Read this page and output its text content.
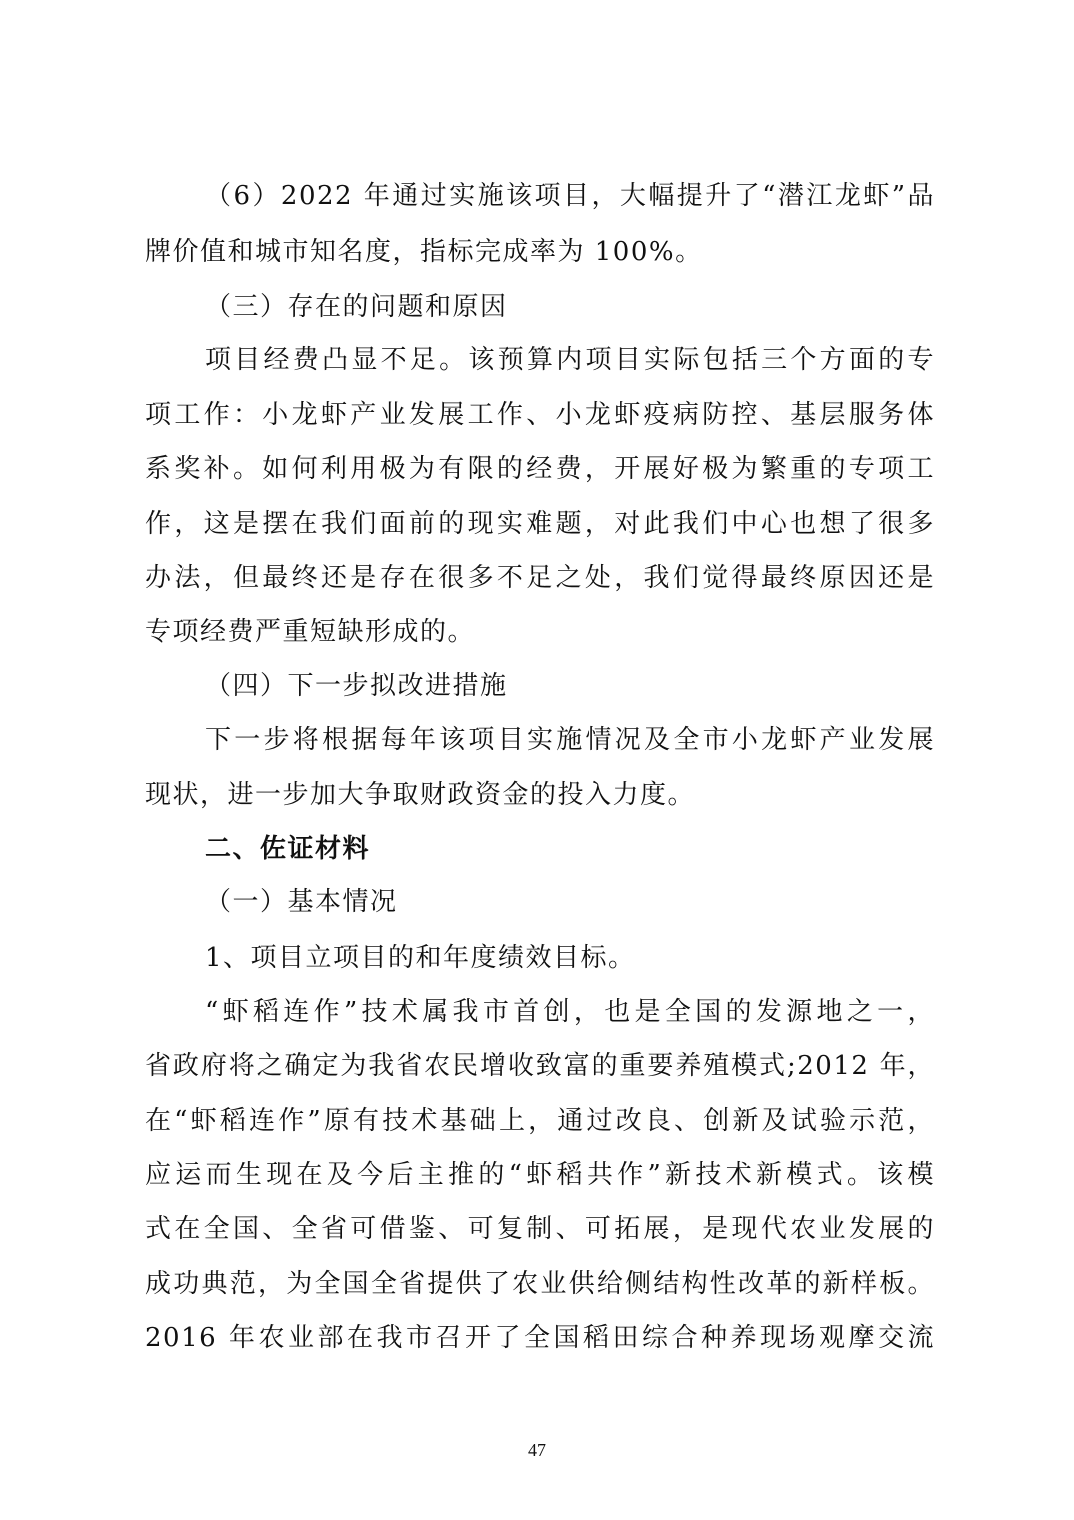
（6）2022 年通过实施该项目，大幅提升了“潜江龙虾”品
牌价值和城市知名度，指标完成率为 100%。
（三）存在的问题和原因
项目经费凸显不足。该预算内项目实际包括三个方面的专
项工作：小龙虾产业发展工作、小龙虾疫病防控、基层服务体
系奖补。如何利用极为有限的经费，开展好极为繁重的专项工
作，这是摆在我们面前的现实难题，对此我们中心也想了很多
办法，但最终还是存在很多不足之处，我们觉得最终原因还是
专项经费严重短缺形成的。
（四）下一步拟改进措施
下一步将根据每年该项目实施情况及全市小龙虾产业发展
现状，进一步加大争取财政资金的投入力度。
二、佐证材料
（一）基本情况
1、项目立项目的和年度绩效目标。
“虾稻连作”技术属我市首创，也是全国的发源地之一，
省政府将之确定为我省农民增收致富的重要养殖模式;2012 年，
在“虾稻连作”原有技术基础上，通过改良、创新及试验示范，
应运而生现在及今后主推的“虾稻共作”新技术新模式。该模
式在全国、全省可借鉴、可复制、可拓展，是现代农业发展的
成功典范，为全国全省提供了农业供给侧结构性改革的新样板。
2016 年农业部在我市召开了全国稻田综合种养现场观摩交流
47
